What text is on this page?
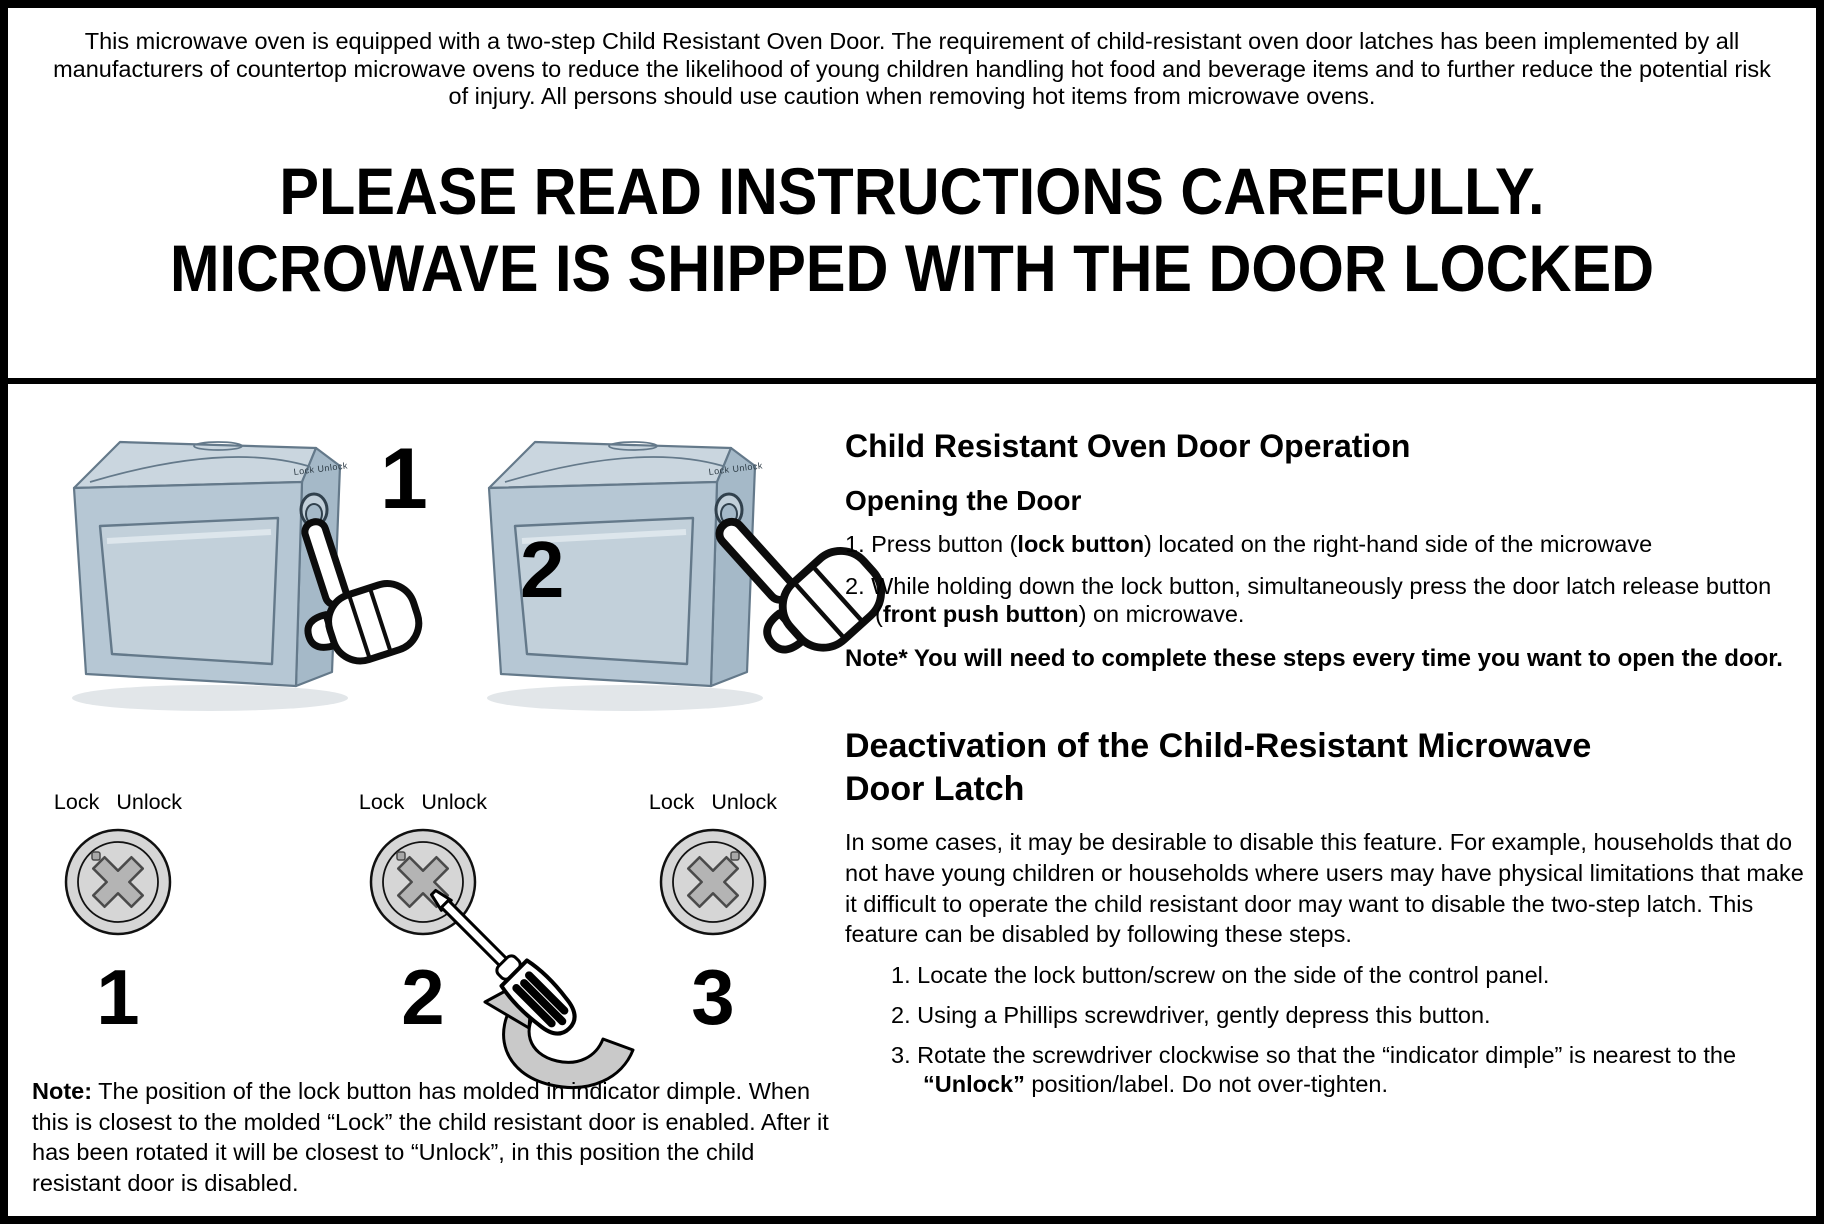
This microwave oven is equipped with a two-step Child Resistant Oven Door. The requirement of child-resistant oven door latches has been implemented by all manufacturers of countertop microwave ovens to reduce the likelihood of young children handling hot food and beverage items and to further reduce the potential risk of injury. All persons should use caution when removing hot items from microwave ovens.

PLEASE READ INSTRUCTIONS CAREFULLY.
MICROWAVE IS SHIPPED WITH THE DOOR LOCKED
Lock Unlock 1	Lock Unlock
2
Lock Unlock
1
Lock Unlock
2
Lock Unlock
3

Note: The position of the lock button has molded in indicator dimple. When this is closest to the molded “Lock” the child resistant door is enabled. After it has been rotated it will be closest to “Unlock”, in this position the child resistant door is disabled.

Child Resistant Oven Door Operation
Opening the Door
1. Press button (lock button) located on the right-hand side of the microwave
2. While holding down the lock button, simultaneously press the door latch release button (front push button) on microwave.
Note* You will need to complete these steps every time you want to open the door.
Deactivation of the Child-Resistant Microwave
Door Latch

In some cases, it may be desirable to disable this feature. For example, households that do not have young children or households where users may have physical limitations that make it difficult to operate the child resistant door may want to disable the two-step latch. This feature can be disabled by following these steps.

1. Locate the lock button/screw on the side of the control panel.
2. Using a Phillips screwdriver, gently depress this button.
3. Rotate the screwdriver clockwise so that the “indicator dimple” is nearest to the “Unlock” position/label. Do not over-tighten.
